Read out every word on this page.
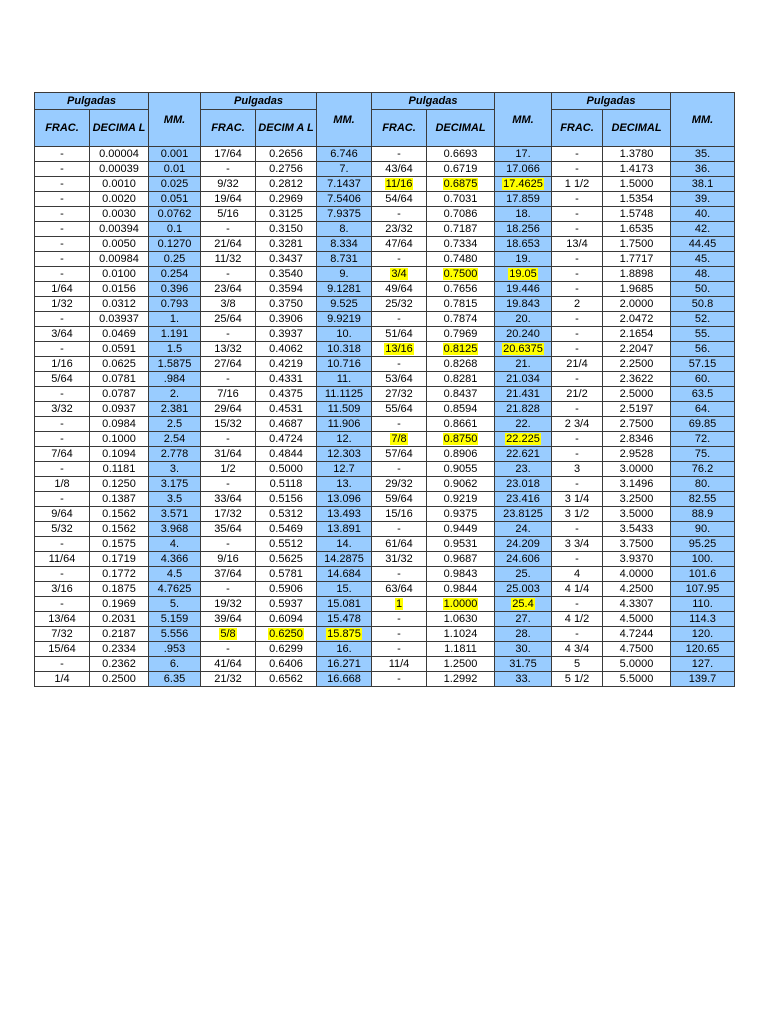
Pulgadas		MM.	Pulgadas		MM.	Pulgadas		MM.	Pulgadas		MM.
FRAC.	DECIMA L		FRAC.	DECIM A L		FRAC.	DECIMAL		FRAC.	DECIMAL	
-	0.00004	0.001	17/64	0.2656	6.746	-	0.6693	17.	-	1.3780	35.
-	0.00039	0.01	-	0.2756	7.	43/64	0.6719	17.066	-	1.4173	36.
-	0.0010	0.025	9/32	0.2812	7.1437	11/16	0.6875	17.4625	1 1/2	1.5000	38.1
-	0.0020	0.051	19/64	0.2969	7.5406	54/64	0.7031	17.859	-	1.5354	39.
-	0.0030	0.0762	5/16	0.3125	7.9375	-	0.7086	18.	-	1.5748	40.
-	0.00394	0.1	-	0.3150	8.	23/32	0.7187	18.256	-	1.6535	42.
-	0.0050	0.1270	21/64	0.3281	8.334	47/64	0.7334	18.653	13/4	1.7500	44.45
-	0.00984	0.25	11/32	0.3437	8.731	-	0.7480	19.	-	1.7717	45.
-	0.0100	0.254	-	0.3540	9.	3/4	0.7500	19.05	-	1.8898	48.
1/64	0.0156	0.396	23/64	0.3594	9.1281	49/64	0.7656	19.446	-	1.9685	50.
1/32	0.0312	0.793	3/8	0.3750	9.525	25/32	0.7815	19.843	2	2.0000	50.8
-	0.03937	1.	25/64	0.3906	9.9219	-	0.7874	20.	-	2.0472	52.
3/64	0.0469	1.191	-	0.3937	10.	51/64	0.7969	20.240	-	2.1654	55.
-	0.0591	1.5	13/32	0.4062	10.318	13/16	0.8125	20.6375	-	2.2047	56.
1/16	0.0625	1.5875	27/64	0.4219	10.716	-	0.8268	21.	21/4	2.2500	57.15
5/64	0.0781	.984	-	0.4331	11.	53/64	0.8281	21.034	-	2.3622	60.
-	0.0787	2.	7/16	0.4375	11.1125	27/32	0.8437	21.431	21/2	2.5000	63.5
3/32	0.0937	2.381	29/64	0.4531	11.509	55/64	0.8594	21.828	-	2.5197	64.
-	0.0984	2.5	15/32	0.4687	11.906	-	0.8661	22.	2 3/4	2.7500	69.85
-	0.1000	2.54	-	0.4724	12.	7/8	0.8750	22.225	-	2.8346	72.
7/64	0.1094	2.778	31/64	0.4844	12.303	57/64	0.8906	22.621	-	2.9528	75.
-	0.1181	3.	1/2	0.5000	12.7	-	0.9055	23.	3	3.0000	76.2
1/8	0.1250	3.175	-	0.5118	13.	29/32	0.9062	23.018	-	3.1496	80.
-	0.1387	3.5	33/64	0.5156	13.096	59/64	0.9219	23.416	3 1/4	3.2500	82.55
9/64	0.1562	3.571	17/32	0.5312	13.493	15/16	0.9375	23.8125	3 1/2	3.5000	88.9
5/32	0.1562	3.968	35/64	0.5469	13.891	-	0.9449	24.	-	3.5433	90.
-	0.1575	4.	-	0.5512	14.	61/64	0.9531	24.209	3 3/4	3.7500	95.25
11/64	0.1719	4.366	9/16	0.5625	14.2875	31/32	0.9687	24.606	-	3.9370	100.
-	0.1772	4.5	37/64	0.5781	14.684	-	0.9843	25.	4	4.0000	101.6
3/16	0.1875	4.7625	-	0.5906	15.	63/64	0.9844	25.003	4 1/4	4.2500	107.95
-	0.1969	5.	19/32	0.5937	15.081	1	1.0000	25.4	-	4.3307	110.
13/64	0.2031	5.159	39/64	0.6094	15.478	-	1.0630	27.	4 1/2	4.5000	114.3
7/32	0.2187	5.556	5/8	0.6250	15.875	-	1.1024	28.	-	4.7244	120.
15/64	0.2334	.953	-	0.6299	16.	-	1.1811	30.	4 3/4	4.7500	120.65
-	0.2362	6.	41/64	0.6406	16.271	11/4	1.2500	31.75	5	5.0000	127.
1/4	0.2500	6.35	21/32	0.6562	16.668	-	1.2992	33.	5 1/2	5.5000	139.7
